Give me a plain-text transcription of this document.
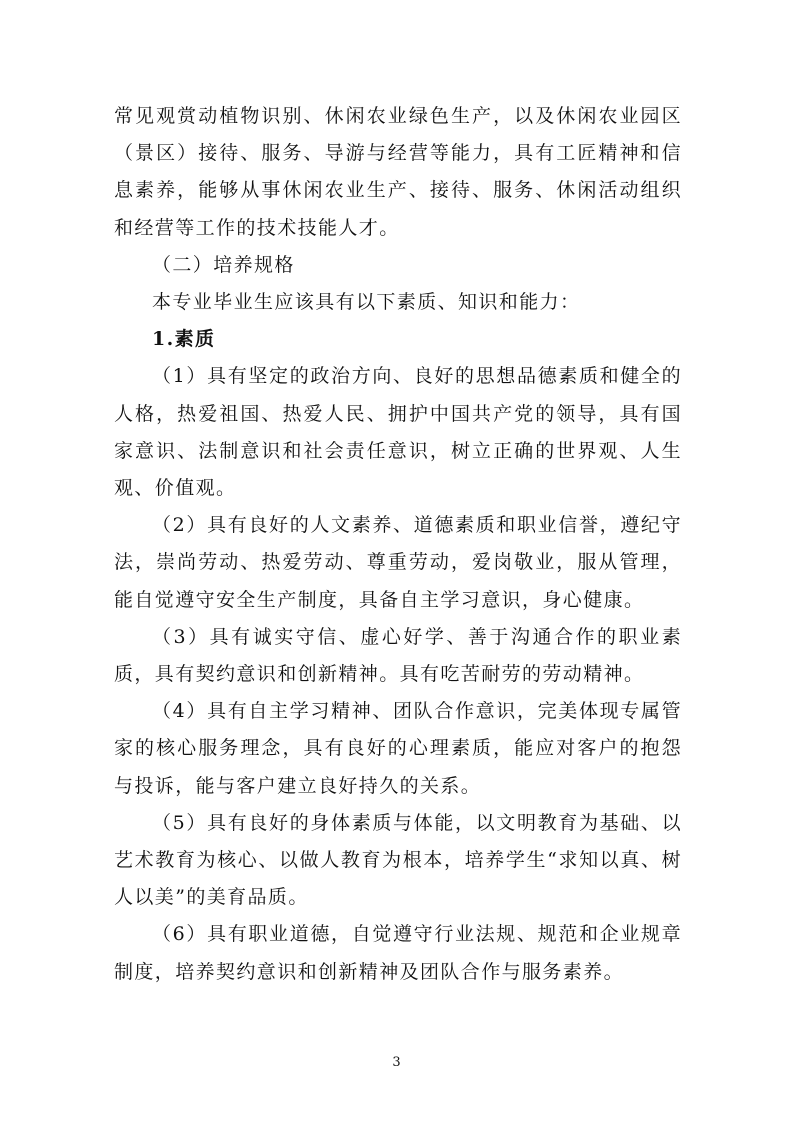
常见观赏动植物识别、休闲农业绿色生产，以及休闲农业园区（景区）接待、服务、导游与经营等能力，具有工匠精神和信息素养，能够从事休闲农业生产、接待、服务、休闲活动组织和经营等工作的技术技能人才。

（二）培养规格

本专业毕业生应该具有以下素质、知识和能力：

1.素质

（1）具有坚定的政治方向、良好的思想品德素质和健全的人格，热爱祖国、热爱人民、拥护中国共产党的领导，具有国家意识、法制意识和社会责任意识，树立正确的世界观、人生观、价值观。

（2）具有良好的人文素养、道德素质和职业信誉，遵纪守法，崇尚劳动、热爱劳动、尊重劳动，爱岗敬业，服从管理，能自觉遵守安全生产制度，具备自主学习意识，身心健康。

（3）具有诚实守信、虚心好学、善于沟通合作的职业素质，具有契约意识和创新精神。具有吃苦耐劳的劳动精神。

（4）具有自主学习精神、团队合作意识，完美体现专属管家的核心服务理念，具有良好的心理素质，能应对客户的抱怨与投诉，能与客户建立良好持久的关系。

（5）具有良好的身体素质与体能，以文明教育为基础、以艺术教育为核心、以做人教育为根本，培养学生“求知以真、树人以美”的美育品质。

（6）具有职业道德，自觉遵守行业法规、规范和企业规章制度，培养契约意识和创新精神及团队合作与服务素养。

3
